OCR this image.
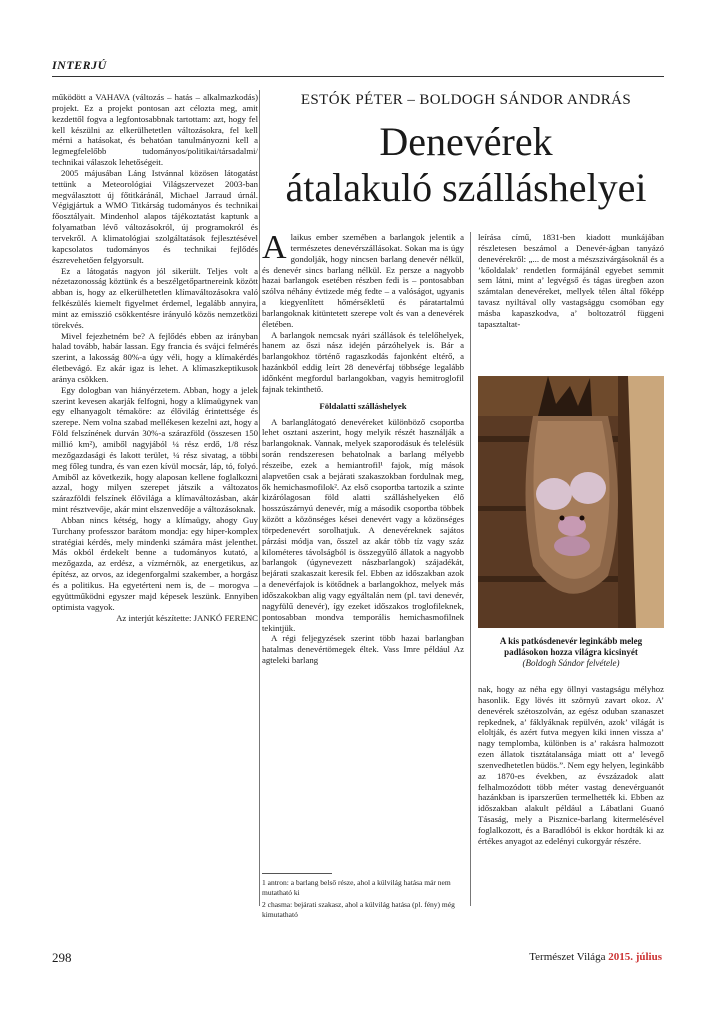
INTERJÚ

működött a VAHAVA (változás – hatás – alkalmazkodás) projekt. Ez a projekt pontosan azt célozta meg, amit kezdettől fogva a legfontosabbnak tartottam: azt, hogy fel kell készülni az elkerülhetetlen változásokra, fel kell mérni a hatásokat, és behatóan tanulmányozni kell a legmegfelelőbb tudományos/politikai/társadalmi/ technikai válaszok lehetőségeit.

2005 májusában Láng Istvánnal közösen látogatást tettünk a Meteorológiai Világszervezet 2003-ban megválasztott új főtitkáránál, Michael Jarraud úrnál. Végigjártuk a WMO Titkárság tudományos és technikai főosztályait. Mindenhol alapos tájékoztatást kaptunk a folyamatban lévő változásokról, új programokról és tervekről. A klimatológiai szolgáltatások fejlesztésével kapcsolatos tudományos és technikai fejlődés észrevehetően felgyorsult.

Ez a látogatás nagyon jól sikerült. Teljes volt a nézetazonosság köztünk és a beszélgetőpartnereink között abban is, hogy az elkerülhetetlen klímaváltozásokra való felkészülés kiemelt figyelmet érdemel, legalább annyira, mint az emisszió csökkentésre irányuló közös nemzetközi törekvés.

Mivel fejezhetném be? A fejlődés ebben az irányban halad tovább, habár lassan. Egy francia és svájci felmérés szerint, a lakosság 80%-a úgy véli, hogy a klímakérdés életbevágó. Ez akár igaz is lehet. A klímaszkeptikusok aránya csökken.

Egy dologban van hiányérzetem. Abban, hogy a jelek szerint kevesen akarják felfogni, hogy a klímaügynek van egy elhanyagolt témaköre: az élővilág érintettsége és szerepe. Nem volna szabad mellékesen kezelni azt, hogy a Föld felszínének durván 30%-a szárazföld (összesen 150 millió km²), amiből nagyjából ¼ rész erdő, 1/8 rész mezőgazdasági és lakott terület, ¼ rész sivatag, a többi meg főleg tundra, és van ezen kívül mocsár, láp, tó, folyó. Amiből az következik, hogy alaposan kellene foglalkozni azzal, hogy milyen szerepet játszik a változatos szárazföldi felszínek élővilága a klímaváltozásban, akár mint résztvevője, akár mint elszenvedője a változásoknak.

Abban nincs kétség, hogy a klímaügy, ahogy Guy Turchany professzor barátom mondja: egy hiper-komplex stratégiai kérdés, mely mindenki számára mást jelenthet. Más okból érdekelt benne a tudományos kutató, a mezőgazda, az erdész, a vízmérnök, az energetikus, az építész, az orvos, az idegenforgalmi szakember, a horgász és a politikus. Ha egyetérteni nem is, de – morogva – együttműködni egyszer majd képesek leszünk. Ennyiben optimista vagyok.

Az interjút készítette: JANKÓ FERENC

ESTÓK PÉTER – BOLDOGH SÁNDOR ANDRÁS
Denevérek
átalakuló szálláshelyei

Alaikus ember szemében a barlangok jelentik a természetes denevérszállásokat. Sokan ma is úgy gondolják, hogy nincsen barlang denevér nélkül, és denevér sincs barlang nélkül. Ez persze a nagyobb hazai barlangok esetében részben fedi is – pontosabban szólva néhány évtizede még fedte – a valóságot, ugyanis a kiegyenlített hőmérsékletű és páratartalmú barlangoknak kitüntetett szerepe volt és van a denevérek életében.

A barlangok nemcsak nyári szállások és telelőhelyek, hanem az őszi nász idején párzóhelyek is. Bár a barlangokhoz történő ragaszkodás fajonként eltérő, a hazánkból eddig leírt 28 denevérfaj többsége legalább időnként megfordul barlangokban, vagyis hemitroglofil fajnak tekinthető.

Földalatti szálláshelyek

A barlanglátogató denevéreket különböző csoportba lehet osztani aszerint, hogy melyik részét használják a barlangoknak. Vannak, melyek szaporodásuk és telelésük során rendszeresen behatolnak a barlang mélyebb részeibe, ezek a hemiantrofil¹ fajok, míg mások alapvetően csak a bejárati szakaszokban fordulnak meg, ők hemichasmofilok². Az első csoportba tartozik a szinte kizárólagosan föld alatti szálláshelyeken élő hosszúszárnyú denevér, míg a második csoportba többek között a közönséges kései denevért vagy a közönséges törpedenevért sorolhatjuk. A denevéreknek sajátos párzási módja van, ősszel az akár több tíz vagy száz kilométeres távolságból is összegyűlő állatok a nagyobb barlangok (úgynevezett nászbarlangok) szájadékát, bejárati szakaszait keresik fel. Ebben az időszakban azok a denevérfajok is kötődnek a barlangokhoz, melyek más időszakokban alig vagy egyáltalán nem (pl. tavi denevér, nagyfülű denevér), így ezeket időszakos troglofileknek, pontosabban mondva temporális hemichasmofilnek tekintjük.

A régi feljegyzések szerint több hazai barlangban hatalmas denevértömegek éltek. Vass Imre például Az agteleki barlang

1 antron: a barlang belső része, ahol a külvilág hatása már nem mutatható ki
2 chasma: bejárati szakasz, ahol a külvilág hatása (pl. fény) még kimutatható

leírása című, 1831-ben kiadott munkájában részletesen beszámol a Denevér-ágban tanyázó denevérekről: „... de most a mészszivárgásoknál és a ’kőoldalak’ rendetlen formájánál egyebet semmit sem látni, mint a’ legvégső és tágas üregben azon számtalan denevéreket, mellyek télen által főképp tavasz nyiltával olly vastagsággu csomóban egy másba kapaszkodva, a’ boltozatról függeni tapasztaltat-

A kis patkósdenevér leginkább meleg padlásokon hozza világra kicsinyét
(Boldogh Sándor felvétele)

nak, hogy az néha egy öllnyi vastagságu mélyhoz hasonlik. Egy lövés itt szörnyü zavart okoz. A’ denevérek szétoszolván, az egész oduban szanaszet repkednek, a’ fáklyáknak repülvén, azok’ világát is eloltják, és azért futva megyen kiki innen vissza a’ nagy templomba, különben is a’ rakásra halmozott ezen állatok tisztátalansága miatt ott a’ levegő szenvedhetetlen büdös.”. Nem egy helyen, leginkább az 1870-es években, az évszázadok alatt felhalmozódott több méter vastag denevérguanót hazánkban is iparszerűen termelhették ki. Ebben az időszakban alakult például a Lábatlani Guanó Tásaság, mely a Pisznice-barlang kitermelésével foglalkozott, és a Baradlóból is ekkor hordták ki az értékes anyagot az edelényi cukorgyár részére.

298	Természet Világa 2015. július
